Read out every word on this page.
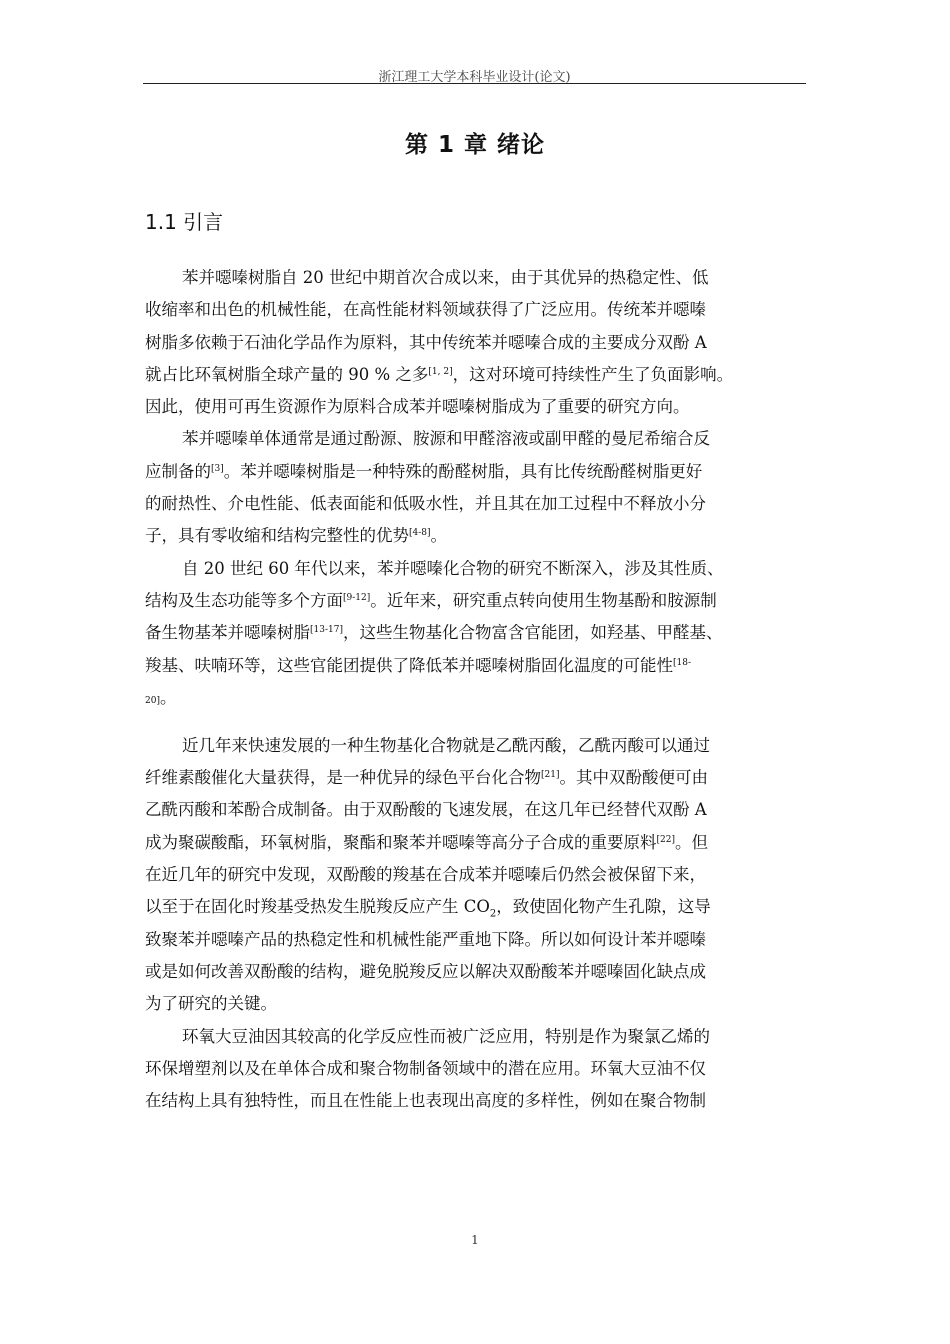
浙江理工大学本科毕业设计(论文)
第 1 章 绪论
1.1 引言
苯并噁嗪树脂自 20 世纪中期首次合成以来，由于其优异的热稳定性、低
收缩率和出色的机械性能，在高性能材料领域获得了广泛应用。传统苯并噁嗪
树脂多依赖于石油化学品作为原料，其中传统苯并噁嗪合成的主要成分双酚 A
就占比环氧树脂全球产量的 90 % 之多[1, 2]，这对环境可持续性产生了负面影响。
因此，使用可再生资源作为原料合成苯并噁嗪树脂成为了重要的研究方向。
苯并噁嗪单体通常是通过酚源、胺源和甲醛溶液或副甲醛的曼尼希缩合反
应制备的[3]。苯并噁嗪树脂是一种特殊的酚醛树脂，具有比传统酚醛树脂更好
的耐热性、介电性能、低表面能和低吸水性，并且其在加工过程中不释放小分
子，具有零收缩和结构完整性的优势[4-8]。
自 20 世纪 60 年代以来，苯并噁嗪化合物的研究不断深入，涉及其性质、
结构及生态功能等多个方面[9-12]。近年来，研究重点转向使用生物基酚和胺源制
备生物基苯并噁嗪树脂[13-17]，这些生物基化合物富含官能团，如羟基、甲醛基、
羧基、呋喃环等，这些官能团提供了降低苯并噁嗪树脂固化温度的可能性$^{[18-}$
20]。
近几年来快速发展的一种生物基化合物就是乙酰丙酸，乙酰丙酸可以通过
纤维素酸催化大量获得，是一种优异的绿色平台化合物[21]。其中双酚酸便可由
乙酰丙酸和苯酚合成制备。由于双酚酸的飞速发展，在这几年已经替代双酚 A
成为聚碳酸酯，环氧树脂，聚酯和聚苯并噁嗪等高分子合成的重要原料[22]。但
在近几年的研究中发现，双酚酸的羧基在合成苯并噁嗪后仍然会被保留下来，
以至于在固化时羧基受热发生脱羧反应产生 $CO_2$，致使固化物产生孔隙，这导
致聚苯并噁嗪产品的热稳定性和机械性能严重地下降。所以如何设计苯并噁嗪
或是如何改善双酚酸的结构，避免脱羧反应以解决双酚酸苯并噁嗪固化缺点成
为了研究的关键。
环氧大豆油因其较高的化学反应性而被广泛应用，特别是作为聚氯乙烯的
环保增塑剂以及在单体合成和聚合物制备领域中的潜在应用。环氧大豆油不仅
在结构上具有独特性，而且在性能上也表现出高度的多样性，例如在聚合物制
1
